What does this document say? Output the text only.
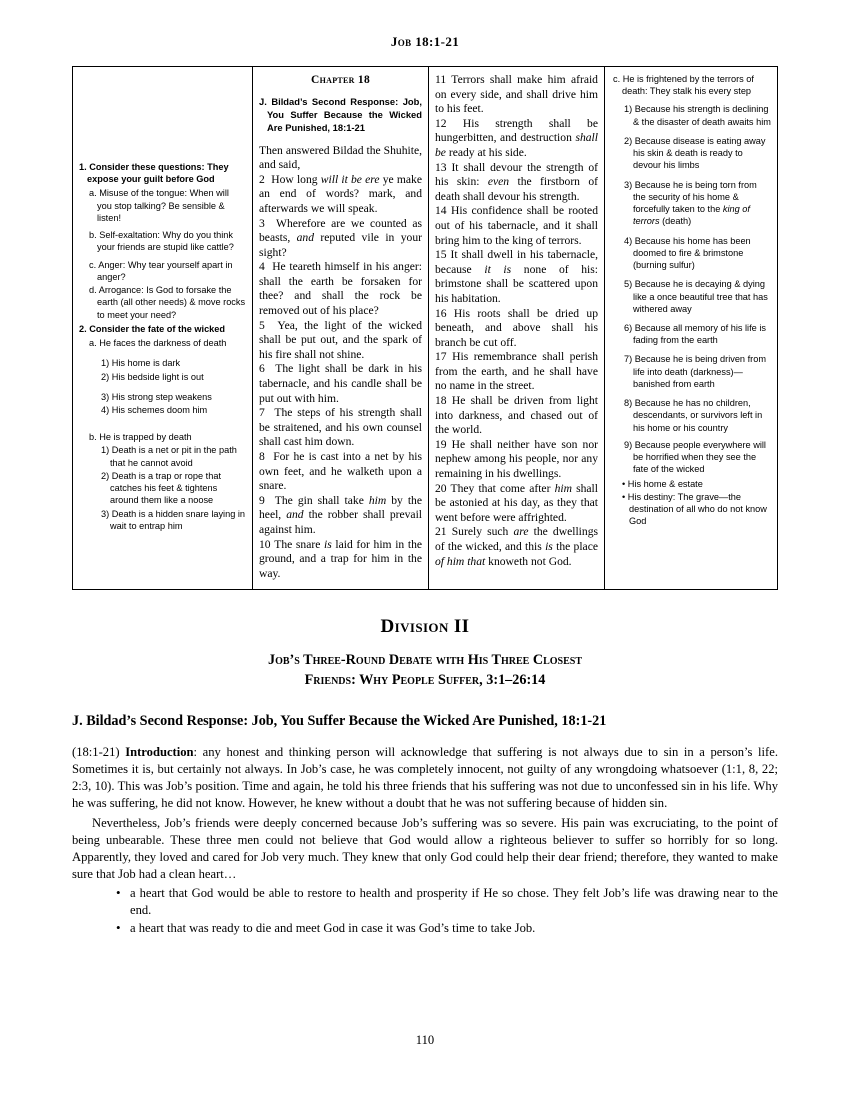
Job 18:1-21
1. Consider these questions: They expose your guilt before God
a. Misuse of the tongue: When will you stop talking? Be sensible & listen!
b. Self-exaltation: Why do you think your friends are stupid like cattle?
c. Anger: Why tear yourself apart in anger?
d. Arrogance: Is God to forsake the earth (all other needs) & move rocks to meet your need?
2. Consider the fate of the wicked
a. He faces the darkness of death
1) His home is dark
2) His bedside light is out
3) His strong step weakens
4) His schemes doom him
b. He is trapped by death
1) Death is a net or pit in the path that he cannot avoid
2) Death is a trap or rope that catches his feet & tightens around them like a noose
3) Death is a hidden snare laying in wait to entrap him
Chapter 18
J. Bildad’s Second Response: Job, You Suffer Because the Wicked Are Punished, 18:1-21

Then answered Bildad the Shuhite, and said,

2 How long will it be ere ye make an end of words? mark, and afterwards we will speak.

3 Wherefore are we counted as beasts, and reputed vile in your sight?

4 He teareth himself in his anger: shall the earth be forsaken for thee? and shall the rock be removed out of his place?

5 Yea, the light of the wicked shall be put out, and the spark of his fire shall not shine.

6 The light shall be dark in his tabernacle, and his candle shall be put out with him.

7 The steps of his strength shall be straitened, and his own counsel shall cast him down.

8 For he is cast into a net by his own feet, and he walketh upon a snare.

9 The gin shall take him by the heel, and the robber shall prevail against him.

10 The snare is laid for him in the ground, and a trap for him in the way.

11 Terrors shall make him afraid on every side, and shall drive him to his feet.

12 His strength shall be hungerbitten, and destruction shall be ready at his side.

13 It shall devour the strength of his skin: even the firstborn of death shall devour his strength.

14 His confidence shall be rooted out of his tabernacle, and it shall bring him to the king of terrors.

15 It shall dwell in his tabernacle, because it is none of his: brimstone shall be scattered upon his habitation.

16 His roots shall be dried up beneath, and above shall his branch be cut off.

17 His remembrance shall perish from the earth, and he shall have no name in the street.

18 He shall be driven from light into darkness, and chased out of the world.

19 He shall neither have son nor nephew among his people, nor any remaining in his dwellings.

20 They that come after him shall be astonied at his day, as they that went before were affrighted.

21 Surely such are the dwellings of the wicked, and this is the place of him that knoweth not God.

c. He is frightened by the terrors of death: They stalk his every step
1) Because his strength is declining & the disaster of death awaits him
2) Because disease is eating away his skin & death is ready to devour his limbs
3) Because he is being torn from the security of his home & forcefully taken to the king of terrors (death)
4) Because his home has been doomed to fire & brimstone (burning sulfur)
5) Because he is decaying & dying like a once beautiful tree that has withered away
6) Because all memory of his life is fading from the earth
7) Because he is being driven from life into death (darkness)—banished from earth
8) Because he has no children, descendants, or survivors left in his home or his country
9) Because people everywhere will be horrified when they see the fate of the wicked
• His home & estate
• His destiny: The grave—the destination of all who do not know God
Division II
Job’s Three-Round Debate with His Three Closest
Friends: Why People Suffer, 3:1–26:14
J. Bildad’s Second Response: Job, You Suffer Because the Wicked Are Punished, 18:1-21

(18:1-21) Introduction: any honest and thinking person will acknowledge that suffering is not always due to sin in a person’s life. Sometimes it is, but certainly not always. In Job’s case, he was completely innocent, not guilty of any wrongdoing whatsoever (1:1, 8, 22; 2:3, 10). This was Job’s position. Time and again, he told his three friends that his suffering was not due to unconfessed sin in his life. Why he was suffering, he did not know. However, he knew without a doubt that he was not suffering because of hidden sin.

Nevertheless, Job’s friends were deeply concerned because Job’s suffering was so severe. His pain was excruciating, to the point of being unbearable. These three men could not believe that God would allow a righteous believer to suffer so horribly for so long. Apparently, they loved and cared for Job very much. They knew that only God could help their dear friend; therefore, they wanted to make sure that Job had a clean heart…

• a heart that God would be able to restore to health and prosperity if He so chose. They felt Job’s life was drawing near to the end.
• a heart that was ready to die and meet God in case it was God’s time to take Job.
110
